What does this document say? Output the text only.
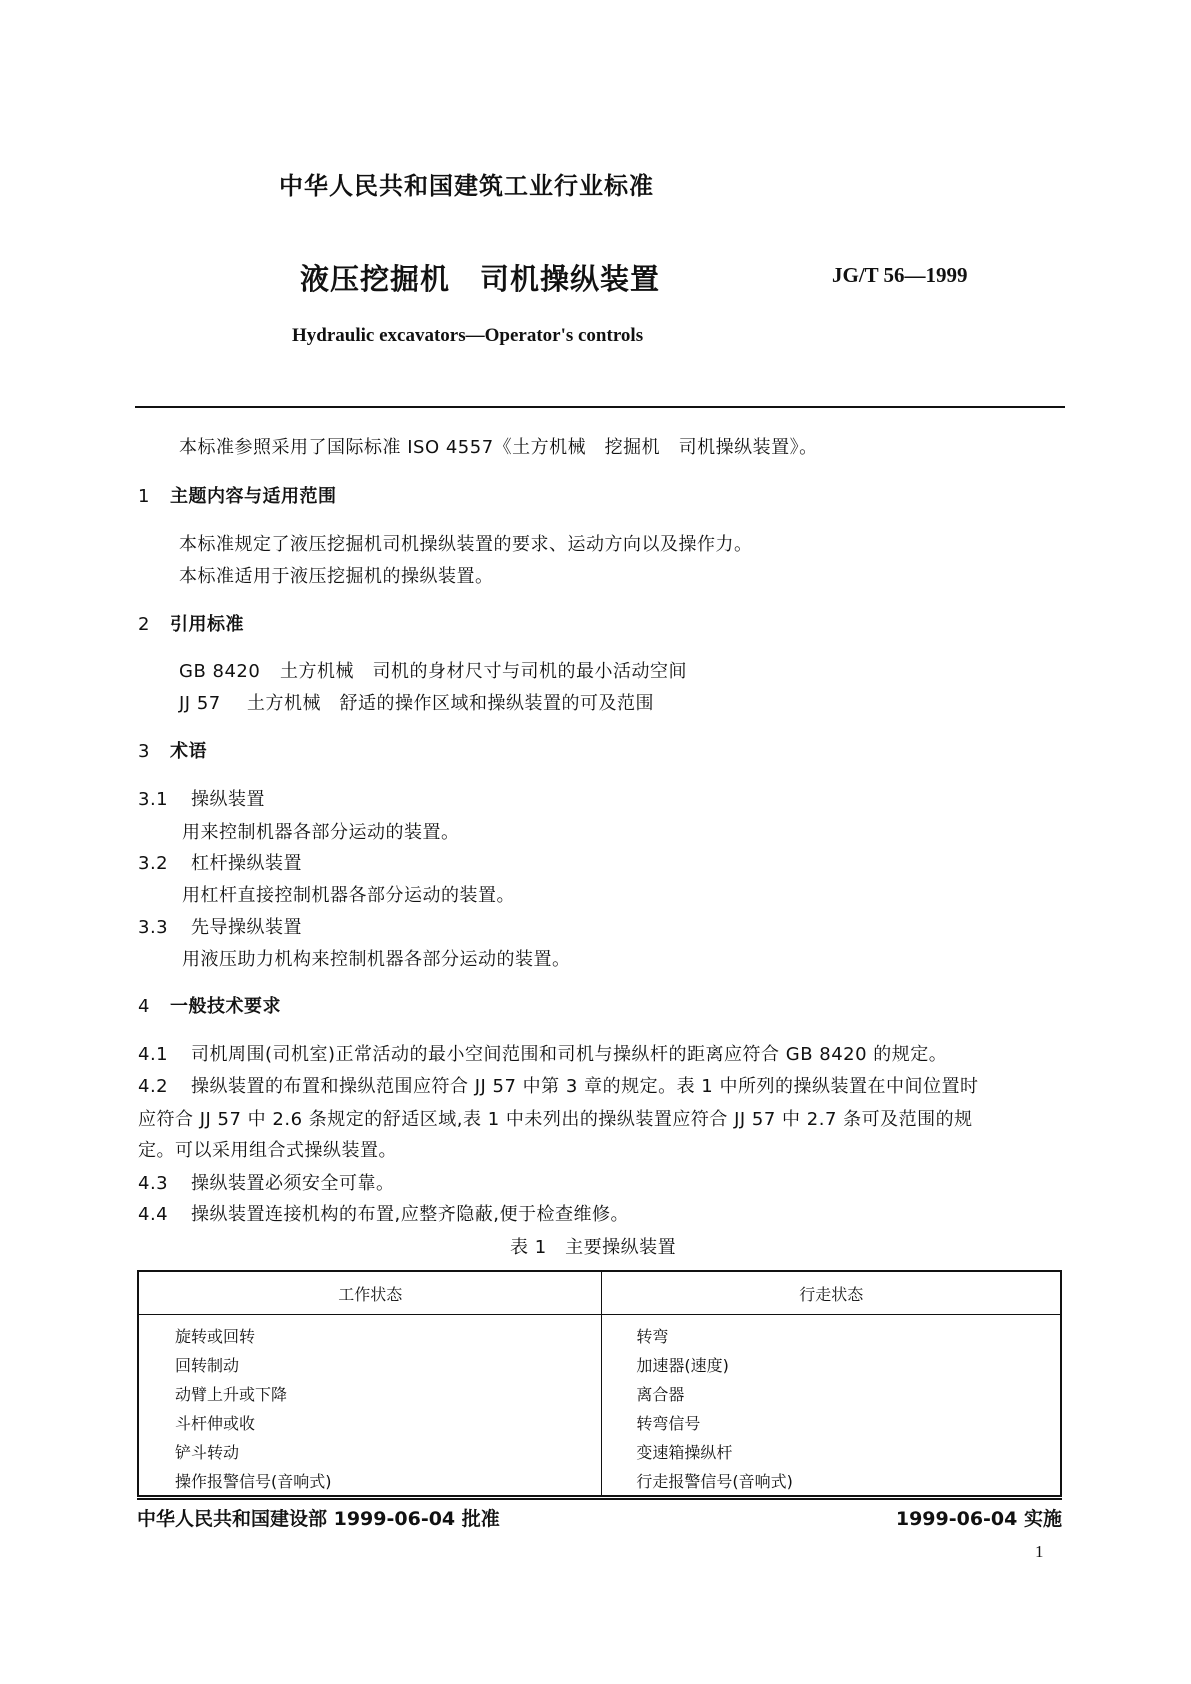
中华人民共和国建筑工业行业标准
液压挖掘机　司机操纵装置	JG/T 56—1999
Hydraulic excavators—Operator's controls
本标准参照采用了国际标准 ISO 4557《土方机械　挖掘机　司机操纵装置》。
1 主题内容与适用范围
本标准规定了液压挖掘机司机操纵装置的要求、运动方向以及操作力。
本标准适用于液压挖掘机的操纵装置。
2 引用标准
GB 8420 土方机械　司机的身材尺寸与司机的最小活动空间
JJ 57 土方机械　舒适的操作区域和操纵装置的可及范围
3 术语
3.1 操纵装置
用来控制机器各部分运动的装置。
3.2 杠杆操纵装置
用杠杆直接控制机器各部分运动的装置。
3.3 先导操纵装置
用液压助力机构来控制机器各部分运动的装置。
4 一般技术要求
4.1 司机周围(司机室)正常活动的最小空间范围和司机与操纵杆的距离应符合 GB 8420 的规定。
4.2 操纵装置的布置和操纵范围应符合 JJ 57 中第 3 章的规定。表 1 中所列的操纵装置在中间位置时
应符合 JJ 57 中 2.6 条规定的舒适区域,表 1 中未列出的操纵装置应符合 JJ 57 中 2.7 条可及范围的规
定。可以采用组合式操纵装置。
4.3 操纵装置必须安全可靠。
4.4 操纵装置连接机构的布置,应整齐隐蔽,便于检查维修。
表 1　主要操纵装置
工作状态	行走状态
旋转或回转	转弯
回转制动	加速器(速度)
动臂上升或下降	离合器
斗杆伸或收	转弯信号
铲斗转动	变速箱操纵杆
操作报警信号(音响式)	行走报警信号(音响式)
中华人民共和国建设部 1999-06-04 批准	1999-06-04 实施
1
